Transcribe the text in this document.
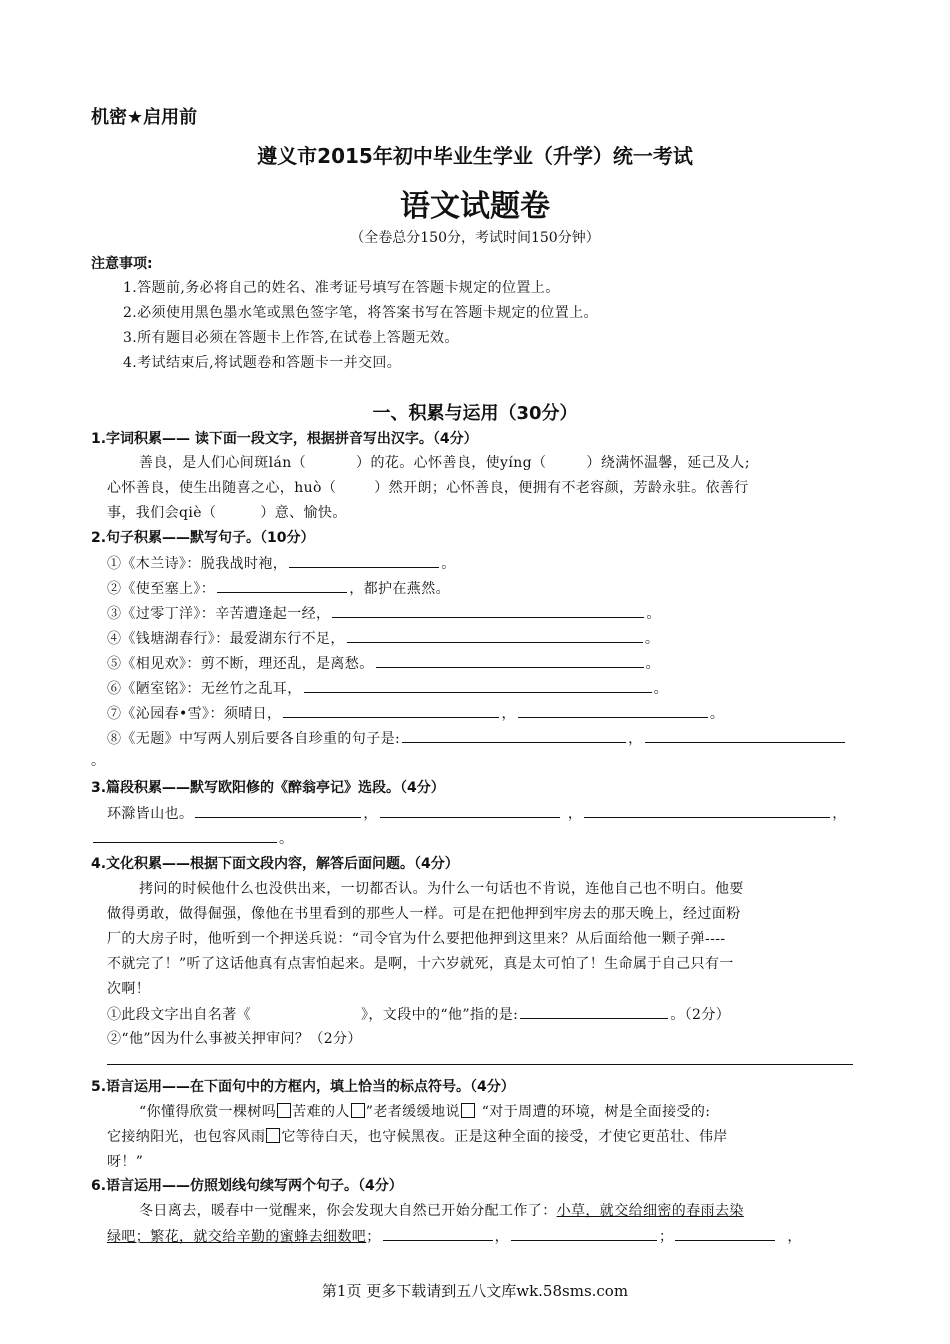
机密★启用前
遵义市2015年初中毕业生学业（升学）统一考试
语文试题卷
（全卷总分150分，考试时间150分钟）
注意事项:
1.答题前,务必将自己的姓名、准考证号填写在答题卡规定的位置上。
2.必须使用黑色墨水笔或黑色签字笔，将答案书写在答题卡规定的位置上。
3.所有题目必须在答题卡上作答,在试卷上答题无效。
4.考试结束后,将试题卷和答题卡一并交回。
一、积累与运用（30分）
1.字词积累—— 读下面一段文字，根据拼音写出汉字。（4分）
善良，是人们心间斑lán（	）的花。心怀善良，使yíng（	）绕满怀温馨，延己及人;
心怀善良，使生出随喜之心，huò（	）然开朗；心怀善良，便拥有不老容颜，芳龄永驻。依善行
事，我们会qiè（	）意、愉快。
2.句子积累——默写句子。（10分）
①《木兰诗》：脱我战时袍，	。
②《使至塞上》：	，都护在燕然。
③《过零丁洋》：辛苦遭逢起一经，	。
④《钱塘湖春行》：最爱湖东行不足，	。
⑤《相见欢》：剪不断，理还乱，是离愁。	。
⑥《陋室铭》：无丝竹之乱耳，	。
⑦《沁园春•雪》：须晴日，	，	。
⑧《无题》中写两人别后要各自珍重的句子是:	，
。
3.篇段积累——默写欧阳修的《醉翁亭记》选段。（4分）
环滁皆山也。	，	，	，
。
4.文化积累——根据下面文段内容，解答后面问题。（4分）
拷问的时候他什么也没供出来，一切都否认。为什么一句话也不肯说，连他自己也不明白。他要
做得勇敢，做得倔强，像他在书里看到的那些人一样。可是在把他押到牢房去的那天晚上，经过面粉
厂的大房子时，他听到一个押送兵说：“司令官为什么要把他押到这里来？从后面给他一颗子弹----
不就完了！”听了这话他真有点害怕起来。是啊，十六岁就死，真是太可怕了！生命属于自己只有一
次啊！
①此段文字出自名著《	》，文段中的“他”指的是:	。（2分）
②“他”因为什么事被关押审问？（2分）
5.语言运用——在下面句中的方框内，填上恰当的标点符号。（4分）
“你懂得欣赏一棵树吗 苦难的人 ”老者缓缓地说 “对于周遭的环境，树是全面接受的:
它接纳阳光，也包容风雨 它等待白天，也守候黑夜。正是这种全面的接受，才使它更茁壮、伟岸
呀！”
6.语言运用——仿照划线句续写两个句子。（4分）
冬日离去，暖春中一觉醒来，你会发现大自然已开始分配工作了：小草，就交给细密的春雨去染
绿吧；繁花，就交给辛勤的蜜蜂去细数吧；	，	；	，
第1页 更多下载请到五八文库wk.58sms.com
